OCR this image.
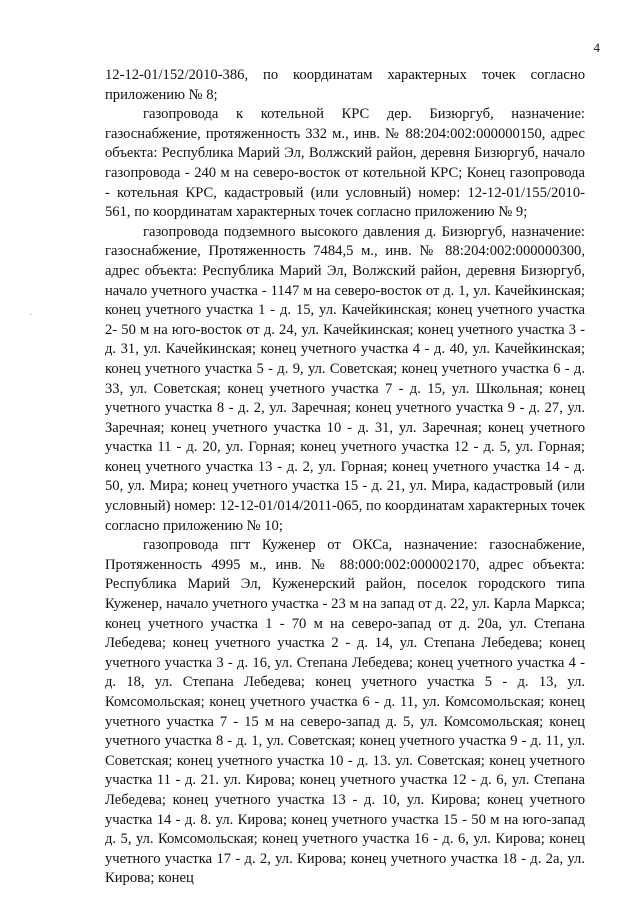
4
'

12-12-01/152/2010-386, по координатам характерных точек согласно приложению № 8;

газопровода к котельной КРС дер. Бизюргуб, назначение: газоснабжение, протяженность 332 м., инв. № 88:204:002:000000150, адрес объекта: Республика Марий Эл, Волжский район, деревня Бизюргуб, начало газопровода - 240 м на северо-восток от котельной КРС; Конец газопровода - котельная КРС, кадастровый (или условный) номер: 12-12-01/155/2010-561, по координатам характерных точек согласно приложению № 9;

газопровода подземного высокого давления д. Бизюргуб, назначение: газоснабжение, Протяженность 7484,5 м., инв. № 88:204:002:000000300, адрес объекта: Республика Марий Эл, Волжский район, деревня Бизюргуб, начало учетного участка - 1147 м на северо-восток от д. 1, ул. Качейкинская; конец учетного участка 1 - д. 15, ул. Качейкинская; конец учетного участка 2- 50 м на юго-восток от д. 24, ул. Качейкинская; конец учетного участка 3 - д. 31, ул. Качейкинская; конец учетного участка 4 - д. 40, ул. Качейкинская; конец учетного участка 5 - д. 9, ул. Советская; конец учетного участка 6 - д. 33, ул. Советская; конец учетного участка 7 - д. 15, ул. Школьная; конец учетного участка 8 - д. 2, ул. Заречная; конец учетного участка 9 - д. 27, ул. Заречная; конец учетного участка 10 - д. 31, ул. Заречная; конец учетного участка 11 - д. 20, ул. Горная; конец учетного участка 12 - д. 5, ул. Горная; конец учетного участка 13 - д. 2, ул. Горная; конец учетного участка 14 - д. 50, ул. Мира; конец учетного участка 15 - д. 21, ул. Мира, кадастровый (или условный) номер: 12-12-01/014/2011-065, по координатам характерных точек согласно приложению № 10;

газопровода пгт Куженер от ОКСа, назначение: газоснабжение, Протяженность 4995 м., инв. № 88:000:002:000002170, адрес объекта: Республика Марий Эл, Куженерский район, поселок городского типа Куженер, начало учетного участка - 23 м на запад от д. 22, ул. Карла Маркса; конец учетного участка 1 - 70 м на северо-запад от д. 20а, ул. Степана Лебедева; конец учетного участка 2 - д. 14, ул. Степана Лебедева; конец учетного участка 3 - д. 16, ул. Степана Лебедева; конец учетного участка 4 - д. 18, ул. Степана Лебедева; конец учетного участка 5 - д. 13, ул. Комсомольская; конец учетного участка 6 - д. 11, ул. Комсомольская; конец учетного участка 7 - 15 м на северо-запад д. 5, ул. Комсомольская; конец учетного участка 8 - д. 1, ул. Советская; конец учетного участка 9 - д. 11, ул. Советская; конец учетного участка 10 - д. 13. ул. Советская; конец учетного участка 11 - д. 21. ул. Кирова; конец учетного участка 12 - д. 6, ул. Степана Лебедева; конец учетного участка 13 - д. 10, ул. Кирова; конец учетного участка 14 - д. 8. ул. Кирова; конец учетного участка 15 - 50 м на юго-запад д. 5, ул. Комсомольская; конец учетного участка 16 - д. 6, ул. Кирова; конец учетного участка 17 - д. 2, ул. Кирова; конец учетного участка 18 - д. 2а, ул. Кирова; конец
